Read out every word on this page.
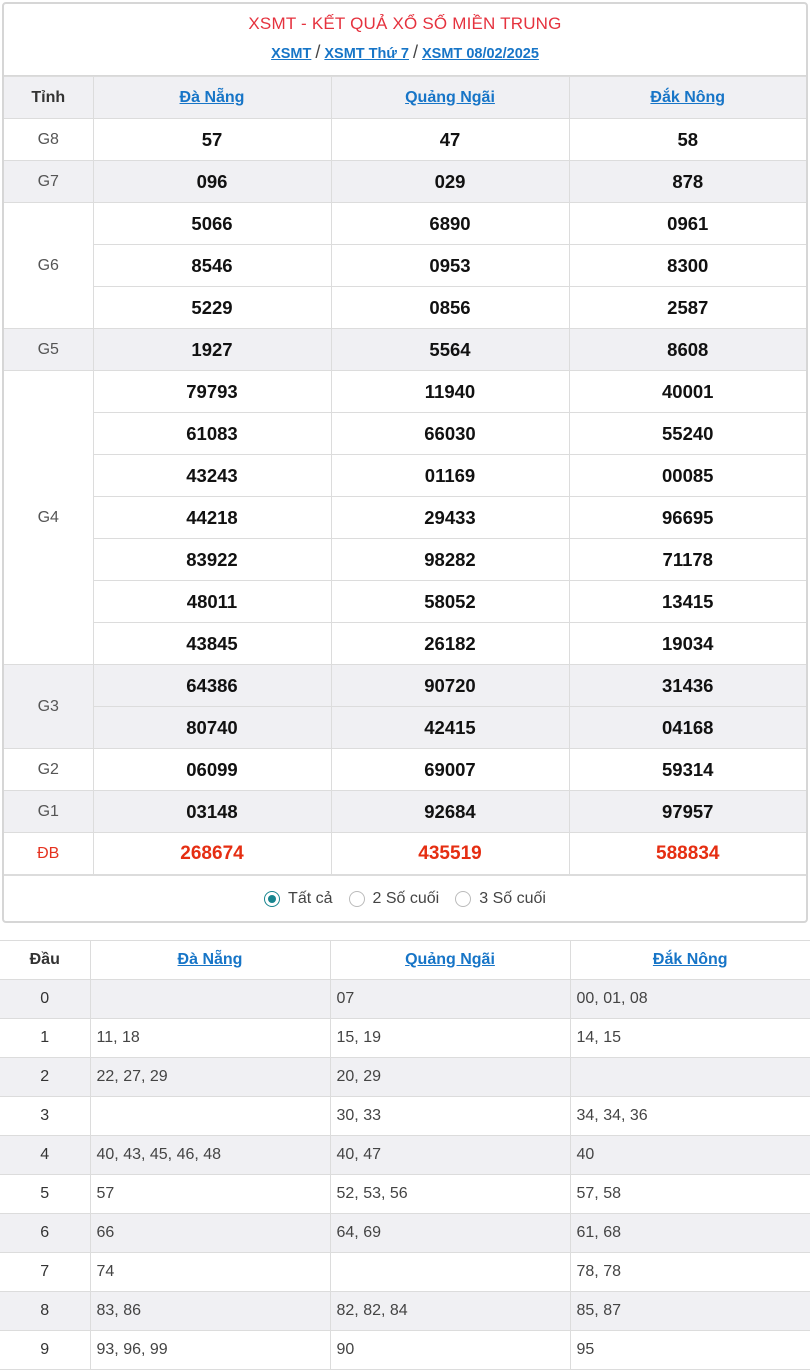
XSMT - KẾT QUẢ XỔ SỐ MIỀN TRUNG
XSMT / XSMT Thứ 7 / XSMT 08/02/2025
Tỉnh	Đà Nẵng	Quảng Ngãi	Đắk Nông
G8	57	47	58
G7	096	029	878
G6	5066	6890	0961
	8546	0953	8300
	5229	0856	2587
G5	1927	5564	8608
G4	79793	11940	40001
	61083	66030	55240
	43243	01169	00085
	44218	29433	96695
	83922	98282	71178
	48011	58052	13415
	43845	26182	19034
G3	64386	90720	31436
	80740	42415	04168
G2	06099	69007	59314
G1	03148	92684	97957
ĐB	268674	435519	588834
Tất cả	2 Số cuối	3 Số cuối
Đầu	Đà Nẵng	Quảng Ngãi	Đắk Nông
0		07	00, 01, 08
1	11, 18	15, 19	14, 15
2	22, 27, 29	20, 29	
3		30, 33	34, 34, 36
4	40, 43, 45, 46, 48	40, 47	40
5	57	52, 53, 56	57, 58
6	66	64, 69	61, 68
7	74		78, 78
8	83, 86	82, 82, 84	85, 87
9	93, 96, 99	90	95
